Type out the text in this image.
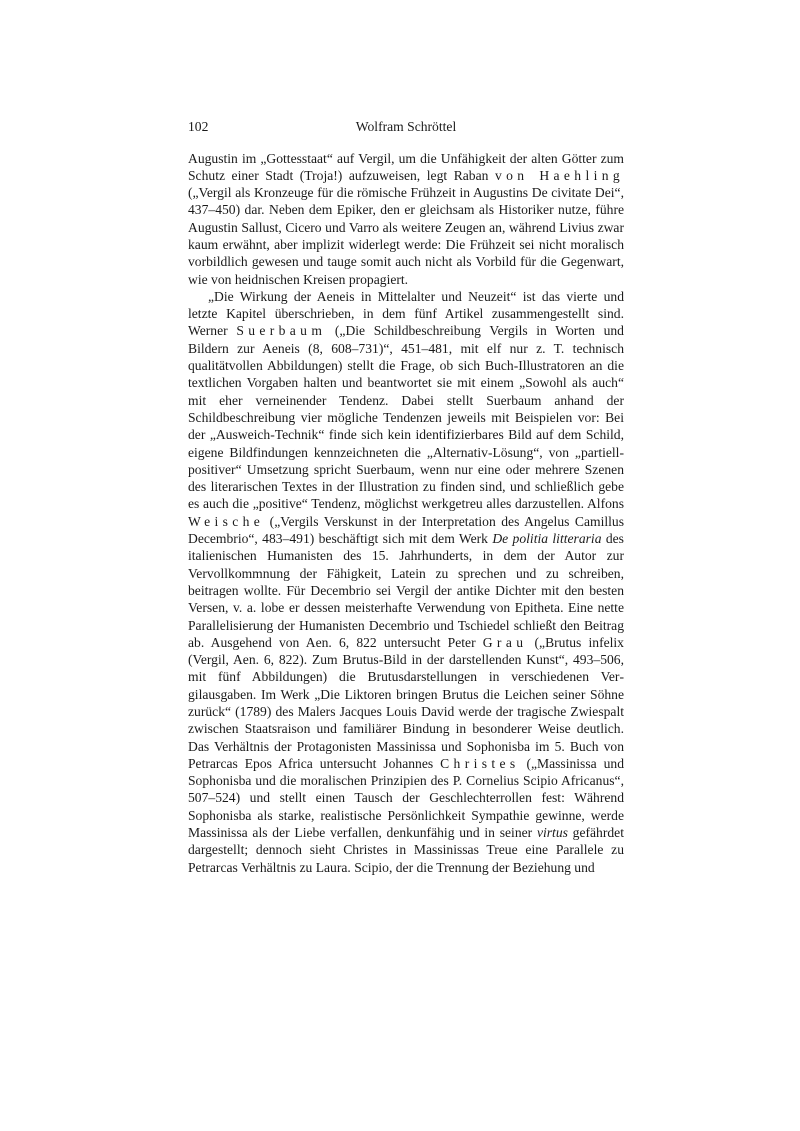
102	Wolfram Schröttel

Augustin im „Gottesstaat“ auf Vergil, um die Unfähigkeit der alten Götter zum Schutz einer Stadt (Troja!) aufzuweisen, legt Raban von Haehling („Vergil als Kronzeuge für die römische Frühzeit in Augustins De civitate Dei“, 437–450) dar. Neben dem Epiker, den er gleichsam als Historiker nutze, führe Augustin Sallust, Cicero und Varro als weitere Zeugen an, während Livius zwar kaum erwähnt, aber implizit widerlegt werde: Die Frühzeit sei nicht moralisch vorbildlich gewesen und tauge somit auch nicht als Vorbild für die Gegenwart, wie von heidnischen Kreisen propagiert.

„Die Wirkung der Aeneis in Mittelalter und Neuzeit“ ist das vierte und letzte Kapitel überschrieben, in dem fünf Artikel zusammengestellt sind. Werner Suerbaum („Die Schildbeschreibung Vergils in Worten und Bildern zur Aeneis (8, 608–731)“, 451–481, mit elf nur z. T. technisch qualitätvollen Abbildungen) stellt die Frage, ob sich Buch-Illustratoren an die textlichen Vorgaben halten und beantwortet sie mit einem „Sowohl als auch“ mit eher verneinender Tendenz. Dabei stellt Suerbaum anhand der Schildbeschreibung vier mögliche Tendenzen jeweils mit Beispielen vor: Bei der „Ausweich-Technik“ finde sich kein identifizierbares Bild auf dem Schild, eigene Bildfindungen kennzeichneten die „Alternativ-Lösung“, von „partiell-positiver“ Umsetzung spricht Suerbaum, wenn nur eine oder mehrere Szenen des literarischen Textes in der Illustration zu finden sind, und schließlich gebe es auch die „positive“ Tendenz, möglichst werkgetreu alles darzustellen. Alfons Weische („Vergils Verskunst in der Interpretation des Angelus Camillus Decembrio“, 483–491) beschäftigt sich mit dem Werk De politia litteraria des italienischen Humanisten des 15. Jahrhunderts, in dem der Autor zur Vervollkommnung der Fähigkeit, Latein zu sprechen und zu schreiben, beitragen wollte. Für Decembrio sei Vergil der antike Dichter mit den besten Versen, v. a. lobe er dessen meisterhafte Verwendung von Epitheta. Eine nette Parallelisierung der Humanisten Decembrio und Tschiedel schließt den Beitrag ab. Ausgehend von Aen. 6, 822 untersucht Peter Grau („Brutus infelix (Vergil, Aen. 6, 822). Zum Brutus-Bild in der darstellenden Kunst“, 493–506, mit fünf Abbildungen) die Brutusdarstellungen in verschiedenen Vergilausgaben. Im Werk „Die Liktoren bringen Brutus die Leichen seiner Söhne zurück“ (1789) des Malers Jacques Louis David werde der tragische Zwiespalt zwischen Staatsraison und familiärer Bindung in besonderer Weise deutlich. Das Verhältnis der Protagonisten Massinissa und Sophonisba im 5. Buch von Petrarcas Epos Africa untersucht Johannes Christes („Massinissa und Sophonisba und die moralischen Prinzipien des P. Cornelius Scipio Africanus“, 507–524) und stellt einen Tausch der Geschlechterrollen fest: Während Sophonisba als starke, realistische Persönlichkeit Sympathie gewinne, werde Massinissa als der Liebe verfallen, denkunfähig und in seiner virtus gefährdet dargestellt; dennoch sieht Christes in Massinissas Treue eine Parallele zu Petrarcas Verhältnis zu Laura. Scipio, der die Trennung der Beziehung und
